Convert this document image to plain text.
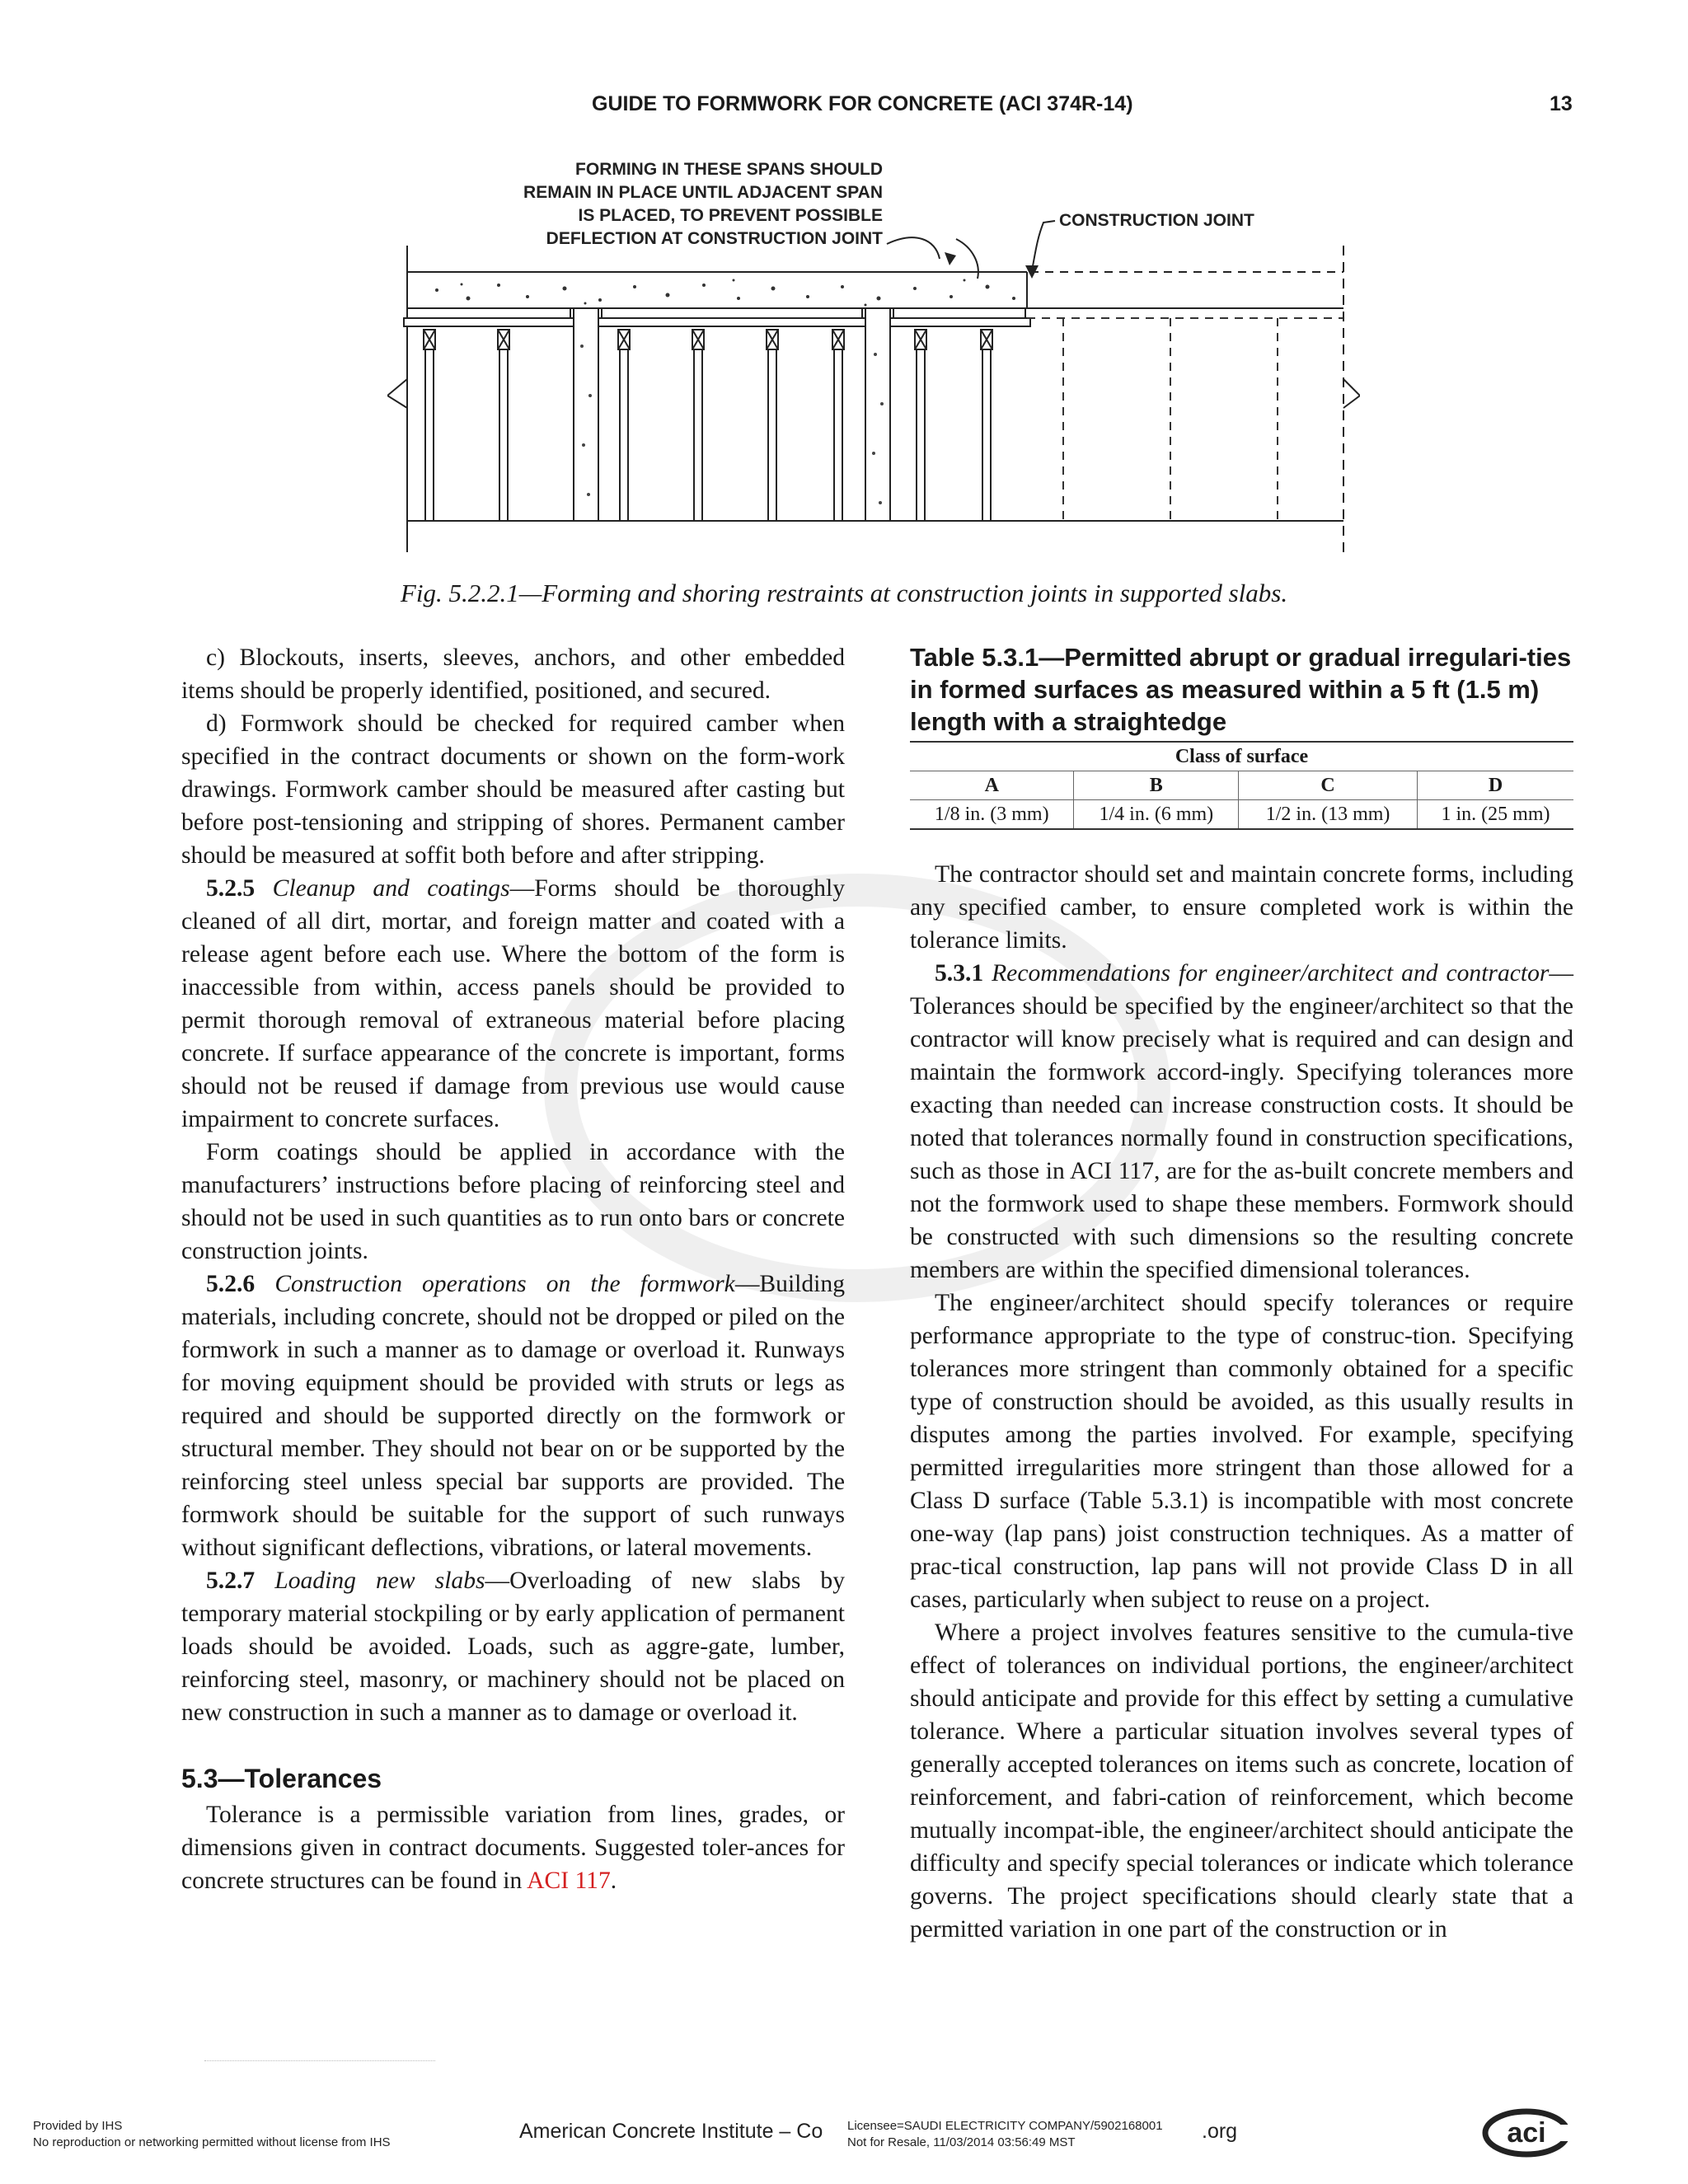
GUIDE TO FORMWORK FOR CONCRETE (ACI 374R-14)	13
FORMING IN THESE SPANS SHOULD
REMAIN IN PLACE UNTIL ADJACENT SPAN
IS PLACED, TO PREVENT POSSIBLE
DEFLECTION AT CONSTRUCTION JOINT
CONSTRUCTION JOINT
Fig. 5.2.2.1—Forming and shoring restraints at construction joints in supported slabs.

c) Blockouts, inserts, sleeves, anchors, and other embedded items should be properly identified, positioned, and secured.

d) Formwork should be checked for required camber when specified in the contract documents or shown on the form-work drawings. Formwork camber should be measured after casting but before post-tensioning and stripping of shores. Permanent camber should be measured at soffit both before and after stripping.

5.2.5 Cleanup and coatings—Forms should be thoroughly cleaned of all dirt, mortar, and foreign matter and coated with a release agent before each use. Where the bottom of the form is inaccessible from within, access panels should be provided to permit thorough removal of extraneous material before placing concrete. If surface appearance of the concrete is important, forms should not be reused if damage from previous use would cause impairment to concrete surfaces.

Form coatings should be applied in accordance with the manufacturers’ instructions before placing of reinforcing steel and should not be used in such quantities as to run onto bars or concrete construction joints.

5.2.6 Construction operations on the formwork—Building materials, including concrete, should not be dropped or piled on the formwork in such a manner as to damage or overload it. Runways for moving equipment should be provided with struts or legs as required and should be supported directly on the formwork or structural member. They should not bear on or be supported by the reinforcing steel unless special bar supports are provided. The formwork should be suitable for the support of such runways without significant deflections, vibrations, or lateral movements.

5.2.7 Loading new slabs—Overloading of new slabs by temporary material stockpiling or by early application of permanent loads should be avoided. Loads, such as aggre-gate, lumber, reinforcing steel, masonry, or machinery should not be placed on new construction in such a manner as to damage or overload it.

5.3—Tolerances

Tolerance is a permissible variation from lines, grades, or dimensions given in contract documents. Suggested toler-ances for concrete structures can be found in ACI 117.

Table 5.3.1—Permitted abrupt or gradual irregulari-ties in formed surfaces as measured within a 5 ft (1.5 m) length with a straightedge
Class of surface			
A	B	C	D
1/8 in. (3 mm)	1/4 in. (6 mm)	1/2 in. (13 mm)	1 in. (25 mm)

The contractor should set and maintain concrete forms, including any specified camber, to ensure completed work is within the tolerance limits.

5.3.1 Recommendations for engineer/architect and contractor—Tolerances should be specified by the engineer/architect so that the contractor will know precisely what is required and can design and maintain the formwork accord-ingly. Specifying tolerances more exacting than needed can increase construction costs. It should be noted that tolerances normally found in construction specifications, such as those in ACI 117, are for the as-built concrete members and not the formwork used to shape these members. Formwork should be constructed with such dimensions so the resulting concrete members are within the specified dimensional tolerances.

The engineer/architect should specify tolerances or require performance appropriate to the type of construc-tion. Specifying tolerances more stringent than commonly obtained for a specific type of construction should be avoided, as this usually results in disputes among the parties involved. For example, specifying permitted irregularities more stringent than those allowed for a Class D surface (Table 5.3.1) is incompatible with most concrete one-way (lap pans) joist construction techniques. As a matter of prac-tical construction, lap pans will not provide Class D in all cases, particularly when subject to reuse on a project.

Where a project involves features sensitive to the cumula-tive effect of tolerances on individual portions, the engineer/architect should anticipate and provide for this effect by setting a cumulative tolerance. Where a particular situation involves several types of generally accepted tolerances on items such as concrete, location of reinforcement, and fabri-cation of reinforcement, which become mutually incompat-ible, the engineer/architect should anticipate the difficulty and specify special tolerances or indicate which tolerance governs. The project specifications should clearly state that a permitted variation in one part of the construction or in

Provided by IHS
No reproduction or networking permitted without license from IHS	American Concrete Institute – Co Licensee=SAUDI ELECTRICITY COMPANY/5902168001
Not for Resale, 11/03/2014 03:56:49 MST	.org	aci
